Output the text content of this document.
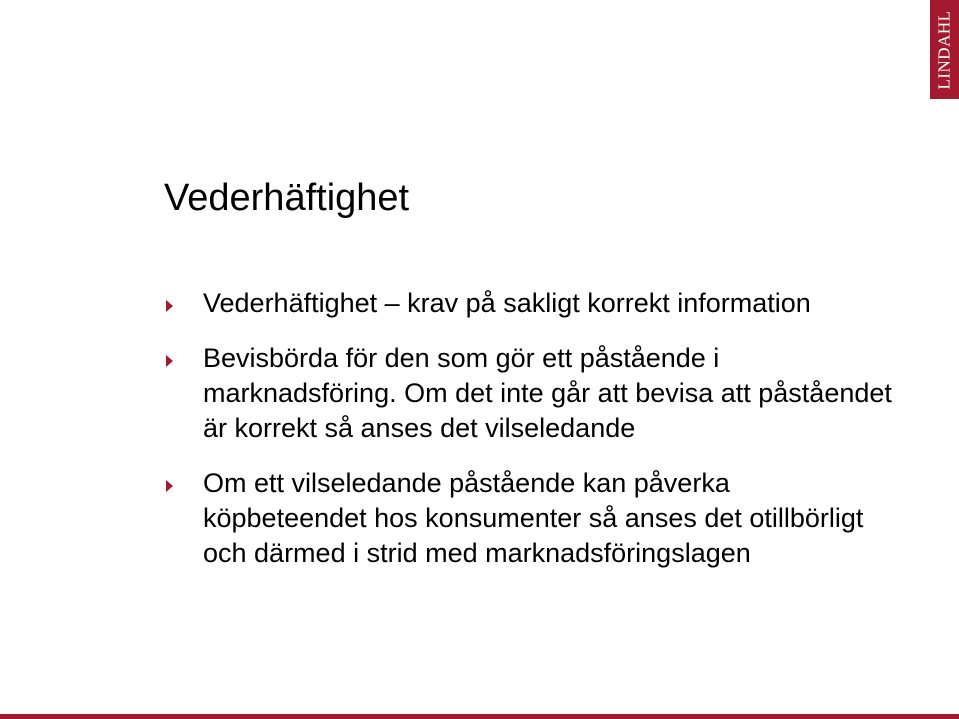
LINDAHL
Vederhäftighet
Vederhäftighet – krav på sakligt korrekt information
Bevisbörda för den som gör ett påstående i marknadsföring. Om det inte går att bevisa att påståendet är korrekt så anses det vilseledande
Om ett vilseledande påstående kan påverka köpbeteendet hos konsumenter så anses det otillbörligt och därmed i strid med marknadsföringslagen
